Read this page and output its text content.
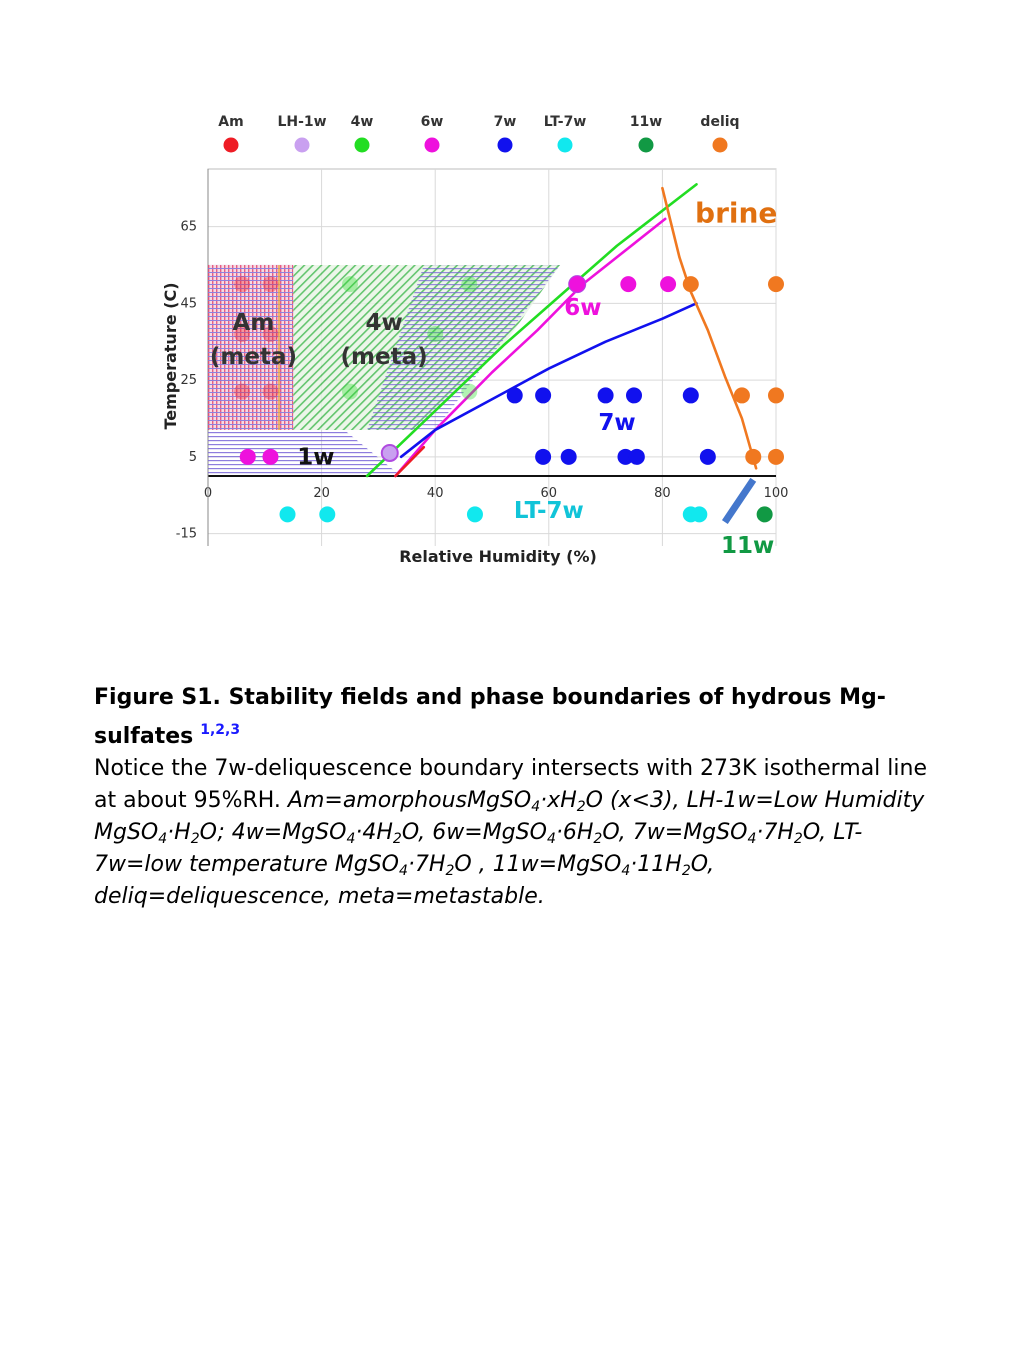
Am LH-1w 4w	6w	7w LT-7w	11w	deliq
0	20	40	60	80	100
-15
5
25
45
65
Relative Humidity (%)
Temperature (C)
brine
6w
7w
LT-7w
11w
Am (meta)
4w (meta)
1w
Figure S1. Stability fields and phase boundaries of hydrous Mg-sulfates $^{1,2,3}$
Notice the 7w-deliquescence boundary intersects with 273K isothermal line at about 95%RH. $Am=amorphousMgSO_4\cdot xH_2O$ (x<3), LH-1w=Low Humidity $MgSO_4\cdot H_2O$; $4w=MgSO_4\cdot 4H_2O$, $6w=MgSO_4\cdot 6H_2O$, $7w=MgSO_4\cdot 7H_2O$, LT-7w=low temperature $MgSO_4\cdot 7H_2O$ , $11w=MgSO_4\cdot 11H_2O$, deliq=deliquescence, meta=metastable.
